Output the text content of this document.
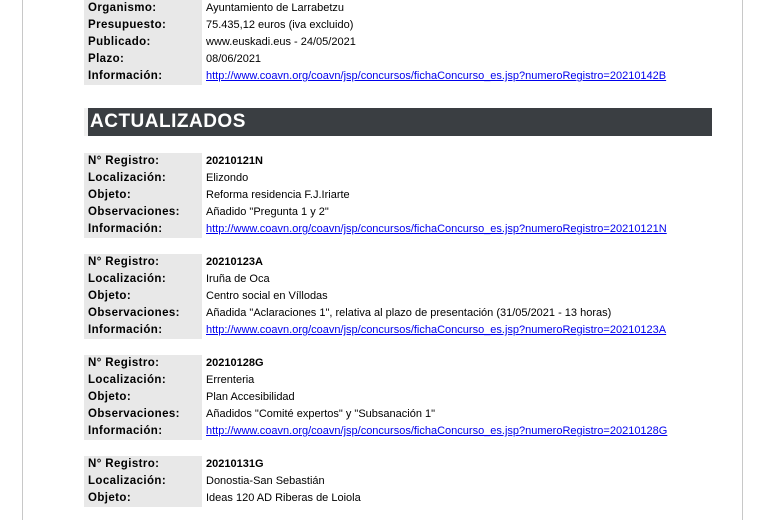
Organismo:	Ayuntamiento de Larrabetzu
Presupuesto:	75.435,12 euros (iva excluido)
Publicado:	www.euskadi.eus - 24/05/2021
Plazo:	08/06/2021
Información:	http://www.coavn.org/coavn/jsp/concursos/fichaConcurso_es.jsp?numeroRegistro=20210142B
ACTUALIZADOS
N° Registro:	20210121N
Localización:	Elizondo
Objeto:	Reforma residencia F.J.Iriarte
Observaciones:	Añadido "Pregunta 1 y 2"
Información:	http://www.coavn.org/coavn/jsp/concursos/fichaConcurso_es.jsp?numeroRegistro=20210121N
N° Registro:	20210123A
Localización:	Iruña de Oca
Objeto:	Centro social en Víllodas
Observaciones:	Añadida "Aclaraciones 1", relativa al plazo de presentación (31/05/2021 - 13 horas)
Información:	http://www.coavn.org/coavn/jsp/concursos/fichaConcurso_es.jsp?numeroRegistro=20210123A
N° Registro:	20210128G
Localización:	Errenteria
Objeto:	Plan Accesibilidad
Observaciones:	Añadidos "Comité expertos" y "Subsanación 1"
Información:	http://www.coavn.org/coavn/jsp/concursos/fichaConcurso_es.jsp?numeroRegistro=20210128G
N° Registro:	20210131G
Localización:	Donostia-San Sebastián
Objeto:	Ideas 120 AD Riberas de Loiola
